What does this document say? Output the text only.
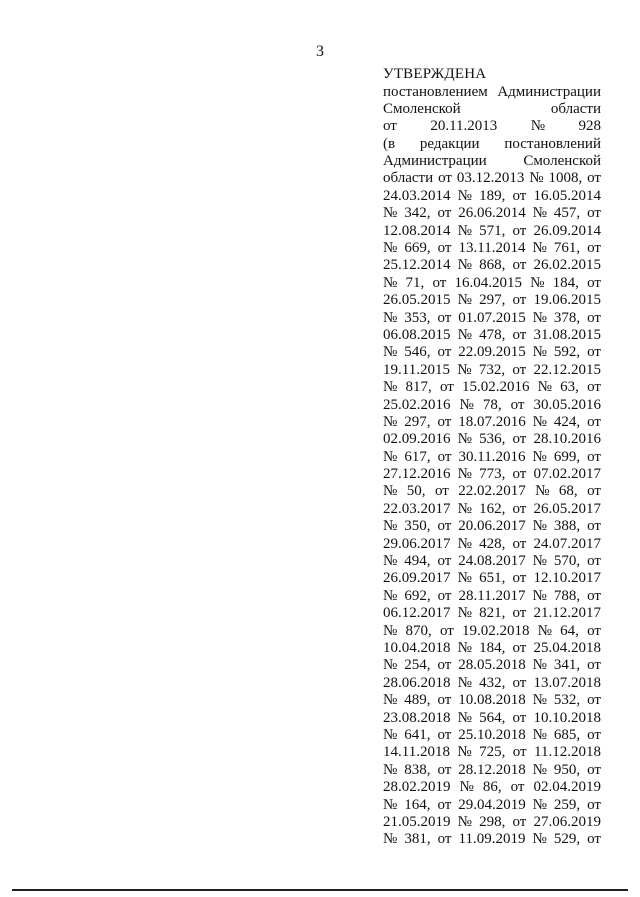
3
УТВЕРЖДЕНА
постановлением Администрации
Смоленской	области
от 20.11.2013 № 928
(в редакции постановлений
Администрации Смоленской
области от 03.12.2013 № 1008, от
24.03.2014 № 189, от 16.05.2014
№ 342, от 26.06.2014 № 457, от
12.08.2014 № 571, от 26.09.2014
№ 669, от 13.11.2014 № 761, от
25.12.2014 № 868, от 26.02.2015
№ 71, от 16.04.2015 № 184, от
26.05.2015 № 297, от 19.06.2015
№ 353, от 01.07.2015 № 378, от
06.08.2015 № 478, от 31.08.2015
№ 546, от 22.09.2015 № 592, от
19.11.2015 № 732, от 22.12.2015
№ 817, от 15.02.2016 № 63, от
25.02.2016 № 78, от 30.05.2016
№ 297, от 18.07.2016 № 424, от
02.09.2016 № 536, от 28.10.2016
№ 617, от 30.11.2016 № 699, от
27.12.2016 № 773, от 07.02.2017
№ 50, от 22.02.2017 № 68, от
22.03.2017 № 162, от 26.05.2017
№ 350, от 20.06.2017 № 388, от
29.06.2017 № 428, от 24.07.2017
№ 494, от 24.08.2017 № 570, от
26.09.2017 № 651, от 12.10.2017
№ 692, от 28.11.2017 № 788, от
06.12.2017 № 821, от 21.12.2017
№ 870, от 19.02.2018 № 64, от
10.04.2018 № 184, от 25.04.2018
№ 254, от 28.05.2018 № 341, от
28.06.2018 № 432, от 13.07.2018
№ 489, от 10.08.2018 № 532, от
23.08.2018 № 564, от 10.10.2018
№ 641, от 25.10.2018 № 685, от
14.11.2018 № 725, от 11.12.2018
№ 838, от 28.12.2018 № 950, от
28.02.2019 № 86, от 02.04.2019
№ 164, от 29.04.2019 № 259, от
21.05.2019 № 298, от 27.06.2019
№ 381, от 11.09.2019 № 529, от
